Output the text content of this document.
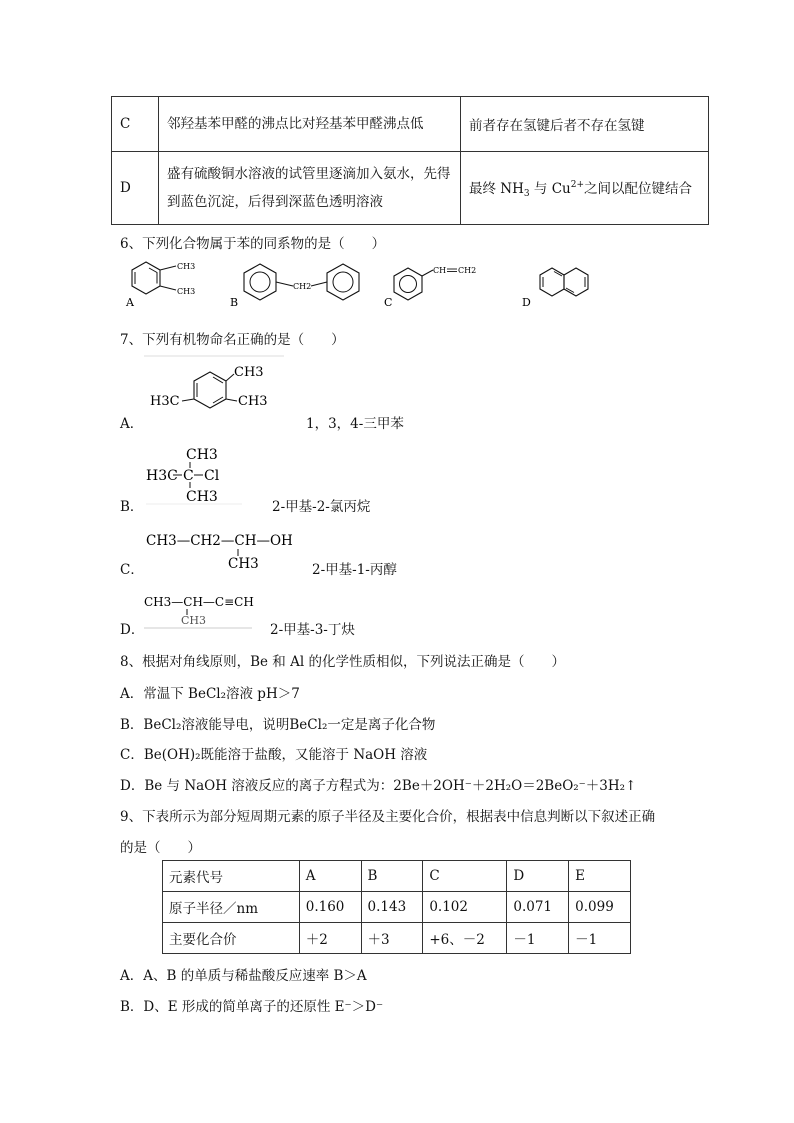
C	邻羟基苯甲醛的沸点比对羟基苯甲醛沸点低	前者存在氢键后者不存在氢键
D	盛有硫酸铜水溶液的试管里逐滴加入氨水，先得
到蓝色沉淀，后得到深蓝色透明溶液	最终 $NH_3$ 与 $Cu^{2+}$之间以配位键结合
6、下列化合物属于苯的同系物的是（　　）
CH3
CH3
A
CH2
B
CH CH2
C	D
7、下列有机物命名正确的是（　　）
CH3
CH3
H3C
A．	1，3，4-三甲苯
CH3
H3C C Cl
CH3
B．	2-甲基-2-氯丙烷
CH3—CH2—CH—OH
CH3
C．	2-甲基-1-丙醇
CH3—CH—C≡CH
CH3
D．	2-甲基-3-丁炔
8、根据对角线原则，Be 和 Al 的化学性质相似，下列说法正确是（　　）
A．常温下 BeCl₂溶液 pH＞7
B．BeCl₂溶液能导电，说明BeCl₂一定是离子化合物
C．Be(OH)₂既能溶于盐酸，又能溶于 NaOH 溶液
D．Be 与 NaOH 溶液反应的离子方程式为：2Be＋2OH⁻＋2H₂O＝2BeO₂⁻＋3H₂↑
9、下表所示为部分短周期元素的原子半径及主要化合价，根据表中信息判断以下叙述正确
的是（　　）
元素代号	A	B	C	D	E
原子半径／nm	0.160	0.143	0.102	0.071	0.099
主要化合价	＋2	＋3	+6、－2	－1	－1
A．A、B 的单质与稀盐酸反应速率 B＞A
B．D、E 形成的简单离子的还原性 E⁻＞D⁻
